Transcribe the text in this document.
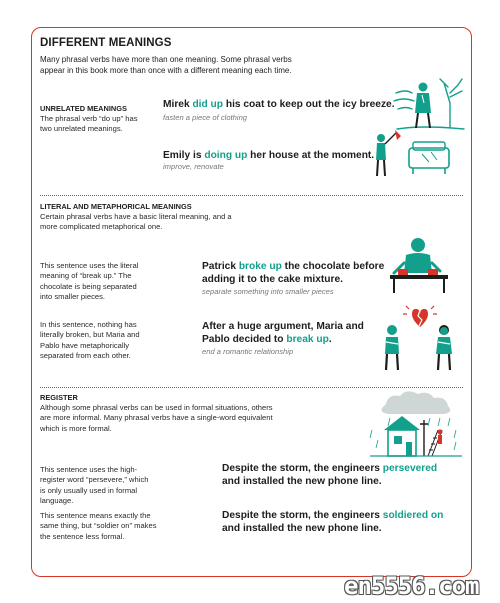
DIFFERENT MEANINGS
Many phrasal verbs have more than one meaning. Some phrasal verbs appear in this book more than once with a different meaning each time.
UNRELATED MEANINGS
The phrasal verb “do up” has two unrelated meanings.
Mirek did up his coat to keep out the icy breeze.
fasten a piece of clothing
Emily is doing up her house at the moment.
improve, renovate
LITERAL AND METAPHORICAL MEANINGS
Certain phrasal verbs have a basic literal meaning, and a more complicated metaphorical one.
This sentence uses the literal meaning of “break up.” The chocolate is being separated into smaller pieces.
Patrick broke up the chocolate before adding it to the cake mixture.
separate something into smaller pieces
In this sentence, nothing has literally broken, but Maria and Pablo have metaphorically separated from each other.
After a huge argument, Maria and Pablo decided to break up.
end a romantic relationship
REGISTER
Although some phrasal verbs can be used in formal situations, others are more informal. Many phrasal verbs have a single-word equivalent which is more formal.
This sentence uses the high-register word “persevere,” which is only usually used in formal language.
Despite the storm, the engineers persevered and installed the new phone line.
This sentence means exactly the same thing, but “soldier on” makes the sentence less formal.
Despite the storm, the engineers soldiered on and installed the new phone line.
en5556.com
